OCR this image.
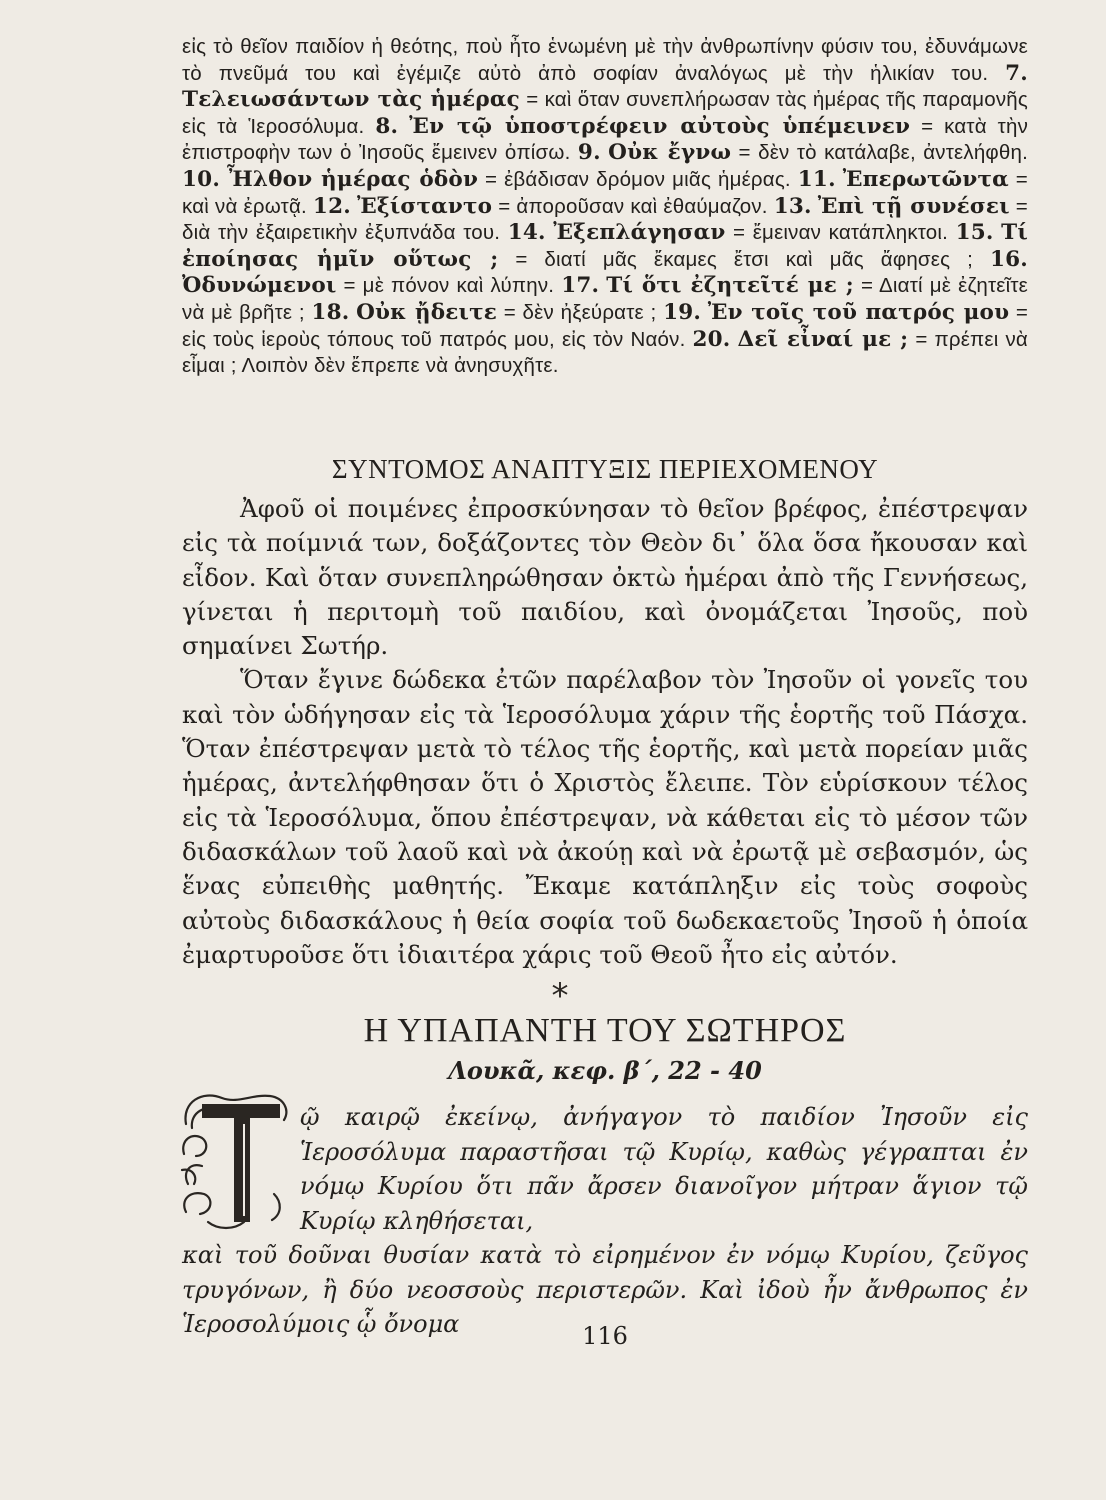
εἰς τὸ θεῖον παιδίον ἡ θεότης, ποὺ ἦτο ἑνωμένη μὲ τὴν ἀνθρωπίνην φύσιν του, ἐδυνάμωνε τὸ πνεῦμά του καὶ ἐγέμιζε αὐτὸ ἀπὸ σοφίαν ἀναλόγως μὲ τὴν ἡλικίαν του. 7. Τελειωσάντων τὰς ἡμέρας = καὶ ὅταν συνεπλήρωσαν τὰς ἡμέρας τῆς παραμονῆς εἰς τὰ Ἱεροσόλυμα. 8. Ἐν τῷ ὑποστρέφειν αὐτοὺς ὑπέμεινεν = κατὰ τὴν ἐπιστροφὴν των ὁ Ἰησοῦς ἔμεινεν ὀπίσω. 9. Οὐκ ἔγνω = δὲν τὸ κατάλαβε, ἀντελήφθη. 10. Ἦλθον ἡμέρας ὁδὸν = ἐβάδισαν δρόμον μιᾶς ἡμέρας. 11. Ἐπερωτῶντα = καὶ νὰ ἐρωτᾷ. 12. Ἐξίσταντο = ἀποροῦσαν καὶ ἐθαύμαζον. 13. Ἐπὶ τῇ συνέσει = διὰ τὴν ἐξαιρετικὴν ἐξυπνάδα του. 14. Ἐξεπλάγησαν = ἔμειναν κατάπληκτοι. 15. Τί ἐποίησας ἡμῖν οὕτως ; = διατί μᾶς ἔκαμες ἔτσι καὶ μᾶς ἄφησες ; 16. Ὀδυνώμενοι = μὲ πόνον καὶ λύπην. 17. Τί ὅτι ἐζητεῖτέ με ; = Διατί μὲ ἐζητεῖτε νὰ μὲ βρῆτε ; 18. Οὐκ ᾔδειτε = δὲν ἠξεύρατε ; 19. Ἐν τοῖς τοῦ πατρός μου = εἰς τοὺς ἱεροὺς τόπους τοῦ πατρός μου, εἰς τὸν Ναόν. 20. Δεῖ εἶναί με ; = πρέπει νὰ εἶμαι ; Λοιπὸν δὲν ἔπρεπε νὰ ἀνησυχῆτε.
ΣΥΝΤΟΜΟΣ ΑΝΑΠΤΥΞΙΣ ΠΕΡΙΕΧΟΜΕΝΟΥ

Ἀφοῦ οἱ ποιμένες ἐπροσκύνησαν τὸ θεῖον βρέφος, ἐπέστρεψαν εἰς τὰ ποίμνιά των, δοξάζοντες τὸν Θεὸν δι᾽ ὅλα ὅσα ἤκουσαν καὶ εἶδον. Καὶ ὅταν συνεπληρώθησαν ὀκτὼ ἡμέραι ἀπὸ τῆς Γεννήσεως, γίνεται ἡ περιτομὴ τοῦ παιδίου, καὶ ὀνομάζεται Ἰησοῦς, ποὺ σημαίνει Σωτήρ.

Ὅταν ἔγινε δώδεκα ἐτῶν παρέλαβον τὸν Ἰησοῦν οἱ γονεῖς του καὶ τὸν ὡδήγησαν εἰς τὰ Ἱεροσόλυμα χάριν τῆς ἑορτῆς τοῦ Πάσχα. Ὅταν ἐπέστρεψαν μετὰ τὸ τέλος τῆς ἑορτῆς, καὶ μετὰ πορείαν μιᾶς ἡμέρας, ἀντελήφθησαν ὅτι ὁ Χριστὸς ἔλειπε. Τὸν εὑρίσκουν τέλος εἰς τὰ Ἱεροσόλυμα, ὅπου ἐπέστρεψαν, νὰ κάθεται εἰς τὸ μέσον τῶν διδασκάλων τοῦ λαοῦ καὶ νὰ ἀκούῃ καὶ νὰ ἐρωτᾷ μὲ σεβασμόν, ὡς ἕνας εὐπειθὴς μαθητής. Ἔκαμε κατάπληξιν εἰς τοὺς σοφοὺς αὐτοὺς διδασκάλους ἡ θεία σοφία τοῦ δωδεκαετοῦς Ἰησοῦ ἡ ὁποία ἐμαρτυροῦσε ὅτι ἰδιαιτέρα χάρις τοῦ Θεοῦ ἦτο εἰς αὐτόν.

*
Η ΥΠΑΠΑΝΤΗ ΤΟΥ ΣΩΤΗΡΟΣ
Λουκᾶ, κεφ. β΄, 22 - 40
ῷ καιρῷ ἐκείνῳ, ἀνήγαγον τὸ παιδίον Ἰησοῦν εἰς Ἱεροσόλυμα παραστῆσαι τῷ Κυρίῳ, καθὼς γέγραπται ἐν νόμῳ Κυρίου ὅτι πᾶν ἄρσεν διανοῖγον μήτραν ἅγιον τῷ Κυρίῳ κληθήσεται,
καὶ τοῦ δοῦναι θυσίαν κατὰ τὸ εἰρημένον ἐν νόμῳ Κυρίου, ζεῦγος τρυγόνων, ἢ δύο νεοσσοὺς περιστερῶν. Καὶ ἰδοὺ ἦν ἄνθρωπος ἐν Ἱεροσολύμοις ᾧ ὄνομα	116
